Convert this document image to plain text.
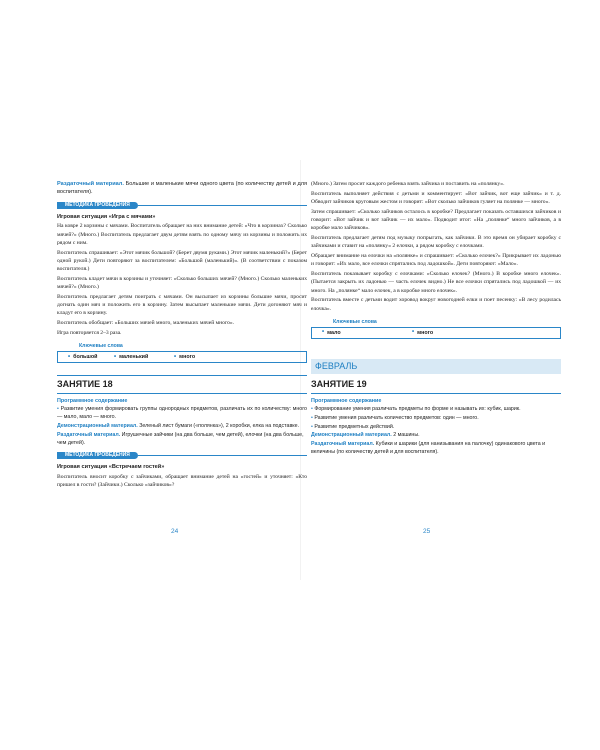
Раздаточный материал. Большие и маленькие мячи одного цвета (по количеству детей и для воспитателя).

МЕТОДИКА ПРОВЕДЕНИЯ

Игровая ситуация «Игра с мячами»

На ковре 2 корзины с мячами. Воспитатель обращает на них внимание детей: «Что в корзинах? Сколько мячей?» (Много.) Воспитатель предлагает двум детям взять по одному мячу из корзины и положить их рядом с ним.

Воспитатель спрашивает: «Этот мячик большой? (Берет двумя руками.) Этот мячик маленький?» (Берет одной рукой.) Дети повторяют за воспитателем: «Большой (маленький)». (В соответствии с показом воспитателя.)

Воспитатель кладет мячи в корзины и уточняет: «Сколько больших мячей? (Много.) Сколько маленьких мячей?» (Много.)

Воспитатель предлагает детям поиграть с мячами. Он высыпает из корзины большие мячи, просит догнать один мяч и положить его в корзину. Затем высыпает маленькие мячи. Дети догоняют мяч и кладут его в корзину.

Воспитатель обобщает: «Больших мячей много, маленьких мячей много».

Игра повторяется 2–3 раза.

Ключевые слова
• большой	• маленький	• много
ЗАНЯТИЕ 18
Программное содержание

• Развитие умения формировать группы однородных предметов, различать их по количеству: много — мало, мало — много.

Демонстрационный материал. Зеленый лист бумаги («полянка»), 2 коробки, елка на подставке.

Раздаточный материал. Игрушечные зайчики (на два больше, чем детей), елочки (на два больше, чем детей).

МЕТОДИКА ПРОВЕДЕНИЯ

Игровая ситуация «Встречаем гостей»

Воспитатель вносит коробку с зайчиками, обращает внимание детей на «гостей» и уточняет: «Кто пришел в гости? (Зайчики.) Сколько «зайчиков»?

24

(Много.) Затем просит каждого ребенка взять зайчика и поставить на «полянку».

Воспитатель выполняет действия с детьми и комментирует: «Вот зайчик, вот еще зайчик» и т. д. Обводит зайчиков круговым жестом и говорит: «Вот сколько зайчиков гуляет на полянке — много».

Затем спрашивает: «Сколько зайчиков осталось в коробке? Предлагает показать оставшихся зайчиков и говорит: «Вот зайчик и вот зайчик — их мало». Подводит итог: «На „полянке“ много зайчиков, а в коробке мало зайчиков».

Воспитатель предлагает детям под музыку попрыгать, как зайчики. В это время он убирает коробку с зайчиками и ставит на «полянку» 2 елочки, а рядом коробку с елочками.

Обращает внимание на елочки на «полянке» и спрашивает: «Сколько елочек?» Прикрывает их ладонью и говорит: «Их мало, все елочки спрятались под ладошкой». Дети повторяют: «Мало».

Воспитатель показывает коробку с елочками: «Сколько елочек? (Много.) В коробке много елочек». (Пытается закрыть их ладонью — часть елочек видно.) Не все елочки спрятались под ладошкой — их много. На „полянке“ мало елочек, а в коробке много елочек».

Воспитатель вместе с детьми водит хоровод вокруг новогодней елки и поет песенку: «В лесу родилась елочка».

Ключевые слова
• мало	• много
ФЕВРАЛЬ
ЗАНЯТИЕ 19
Программное содержание

• Формирование умения различать предметы по форме и называть их: кубик, шарик.

• Развитие умения различать количество предметов: один — много.

• Развитие предметных действий.

Демонстрационный материал. 2 машины.

Раздаточный материал. Кубики и шарики (для нанизывания на палочку) одинакового цвета и величины (по количеству детей и для воспитателя).

25
